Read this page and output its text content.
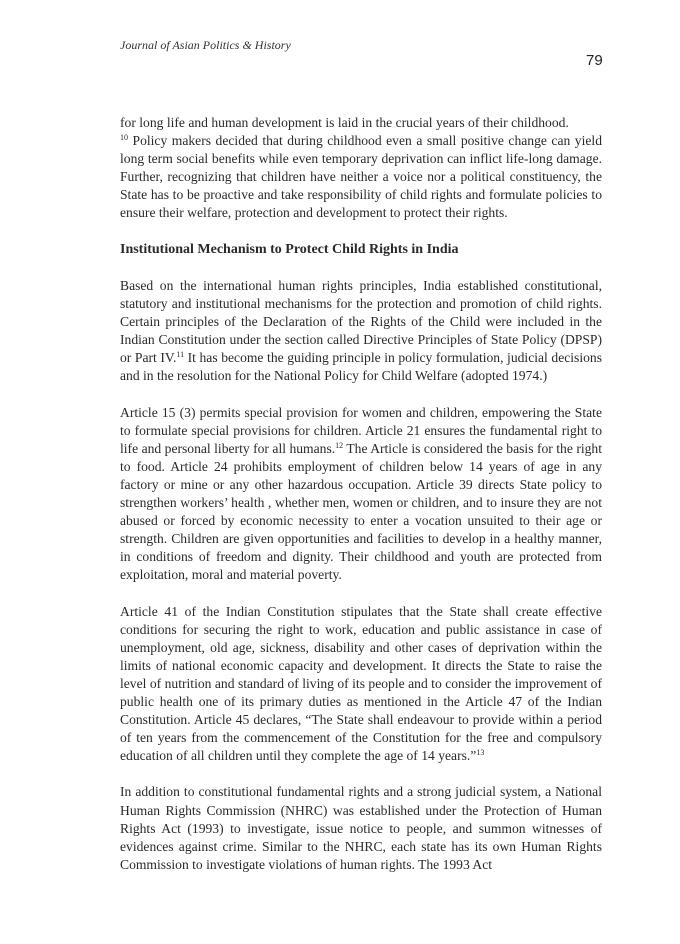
Journal of Asian Politics & History
79

for long life and human development is laid in the crucial years of their childhood.
$^{10}$ Policy makers decided that during childhood even a small positive change can yield long term social benefits while even temporary deprivation can inflict life-long damage. Further, recognizing that children have neither a voice nor a political constituency, the State has to be proactive and take responsibility of child rights and formulate policies to ensure their welfare, protection and development to protect their rights.

Institutional Mechanism to Protect Child Rights in India

Based on the international human rights principles, India established constitutional, statutory and institutional mechanisms for the protection and promotion of child rights. Certain principles of the Declaration of the Rights of the Child were included in the Indian Constitution under the section called Directive Principles of State Policy (DPSP) or Part IV.$^{11}$ It has become the guiding principle in policy formulation, judicial decisions and in the resolution for the National Policy for Child Welfare (adopted 1974.)

Article 15 (3) permits special provision for women and children, empowering the State to formulate special provisions for children. Article 21 ensures the fundamental right to life and personal liberty for all humans.$^{12}$ The Article is considered the basis for the right to food. Article 24 prohibits employment of children below 14 years of age in any factory or mine or any other hazardous occupation. Article 39 directs State policy to strengthen workers’ health , whether men, women or children, and to insure they are not abused or forced by economic necessity to enter a vocation unsuited to their age or strength. Children are given opportunities and facilities to develop in a healthy manner, in conditions of freedom and dignity. Their childhood and youth are protected from exploitation, moral and material poverty.

Article 41 of the Indian Constitution stipulates that the State shall create effective conditions for securing the right to work, education and public assistance in case of unemployment, old age, sickness, disability and other cases of deprivation within the limits of national economic capacity and development. It directs the State to raise the level of nutrition and standard of living of its people and to consider the improvement of public health one of its primary duties as mentioned in the Article 47 of the Indian Constitution. Article 45 declares, “The State shall endeavour to provide within a period of ten years from the commencement of the Constitution for the free and compulsory education of all children until they complete the age of 14 years.”$^{13}$

In addition to constitutional fundamental rights and a strong judicial system, a National Human Rights Commission (NHRC) was established under the Protection of Human Rights Act (1993) to investigate, issue notice to people, and summon witnesses of evidences against crime. Similar to the NHRC, each state has its own Human Rights Commission to investigate violations of human rights. The 1993 Act
